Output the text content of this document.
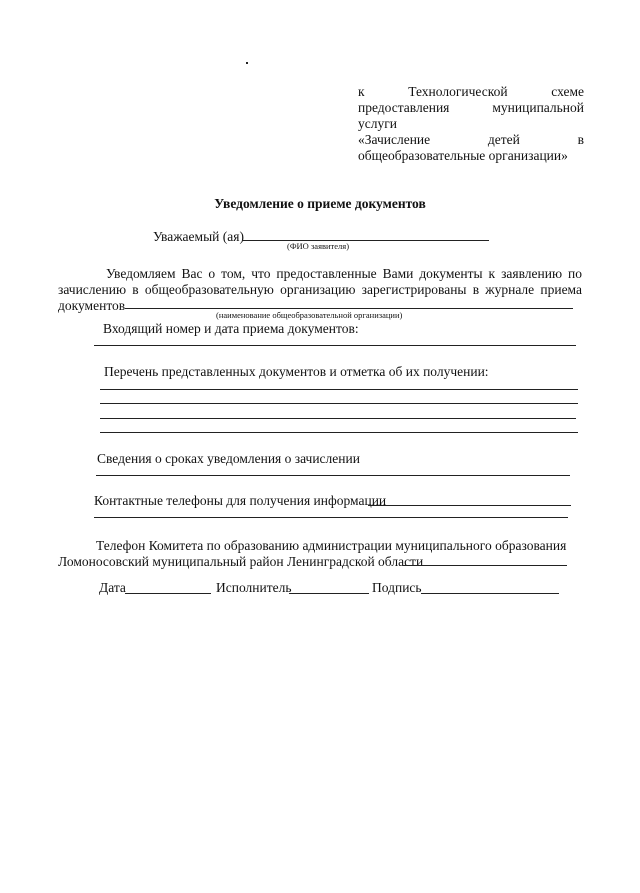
к	Технологической	схеме
предоставления муниципальной услуги
«Зачисление	детей	в
общеобразовательные организации»
Уведомление о приеме документов
Уважаемый (ая)
(ФИО заявителя)
Уведомляем Вас о том, что предоставленные Вами документы к заявлению по
зачислению в общеобразовательную организацию зарегистрированы в журнале приема
документов
(наименование общеобразовательной организации)
Входящий номер и дата приема документов:
Перечень представленных документов и отметка об их получении:
Сведения о сроках уведомления о зачислении
Контактные телефоны для получения информации
Телефон Комитета по образованию администрации муниципального образования
Ломоносовский муниципальный район Ленинградской области
Дата	Исполнитель	Подпись
